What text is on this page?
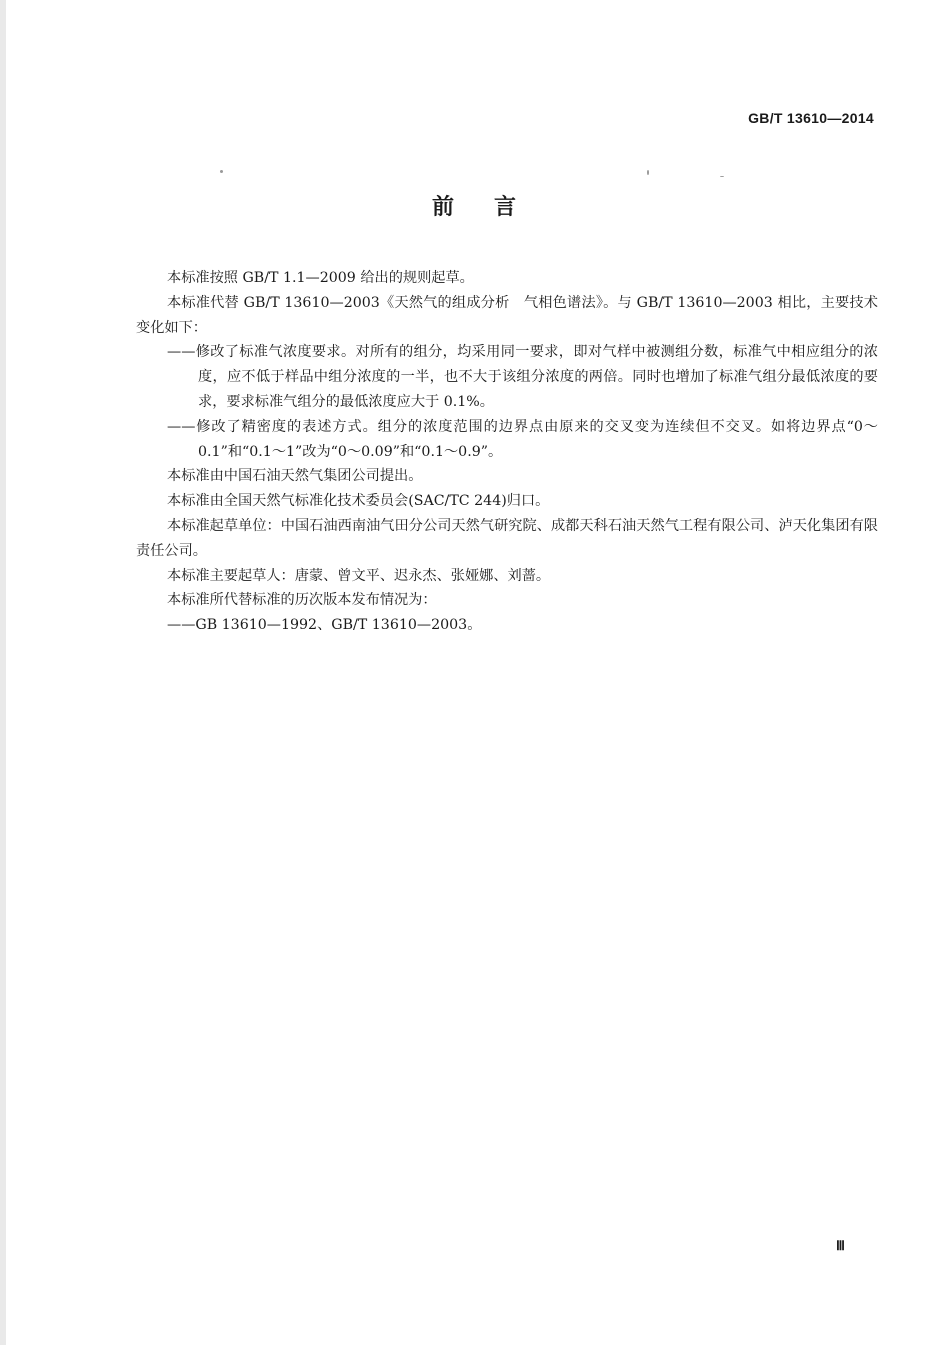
GB/T 13610—2014
前言

本标准按照 GB/T 1.1—2009 给出的规则起草。

本标准代替 GB/T 13610—2003《天然气的组成分析　气相色谱法》。与 GB/T 13610—2003 相比，主要技术变化如下：

——修改了标准气浓度要求。对所有的组分，均采用同一要求，即对气样中被测组分数，标准气中相应组分的浓度，应不低于样品中组分浓度的一半，也不大于该组分浓度的两倍。同时也增加了标准气组分最低浓度的要求，要求标准气组分的最低浓度应大于 0.1%。

——修改了精密度的表述方式。组分的浓度范围的边界点由原来的交叉变为连续但不交叉。如将边界点“0～0.1”和“0.1～1”改为“0～0.09”和“0.1～0.9”。

本标准由中国石油天然气集团公司提出。

本标准由全国天然气标准化技术委员会(SAC/TC 244)归口。

本标准起草单位：中国石油西南油气田分公司天然气研究院、成都天科石油天然气工程有限公司、泸天化集团有限责任公司。

本标准主要起草人：唐蒙、曾文平、迟永杰、张娅娜、刘蔷。

本标准所代替标准的历次版本发布情况为：

——GB 13610—1992、GB/T 13610—2003。

Ⅲ
